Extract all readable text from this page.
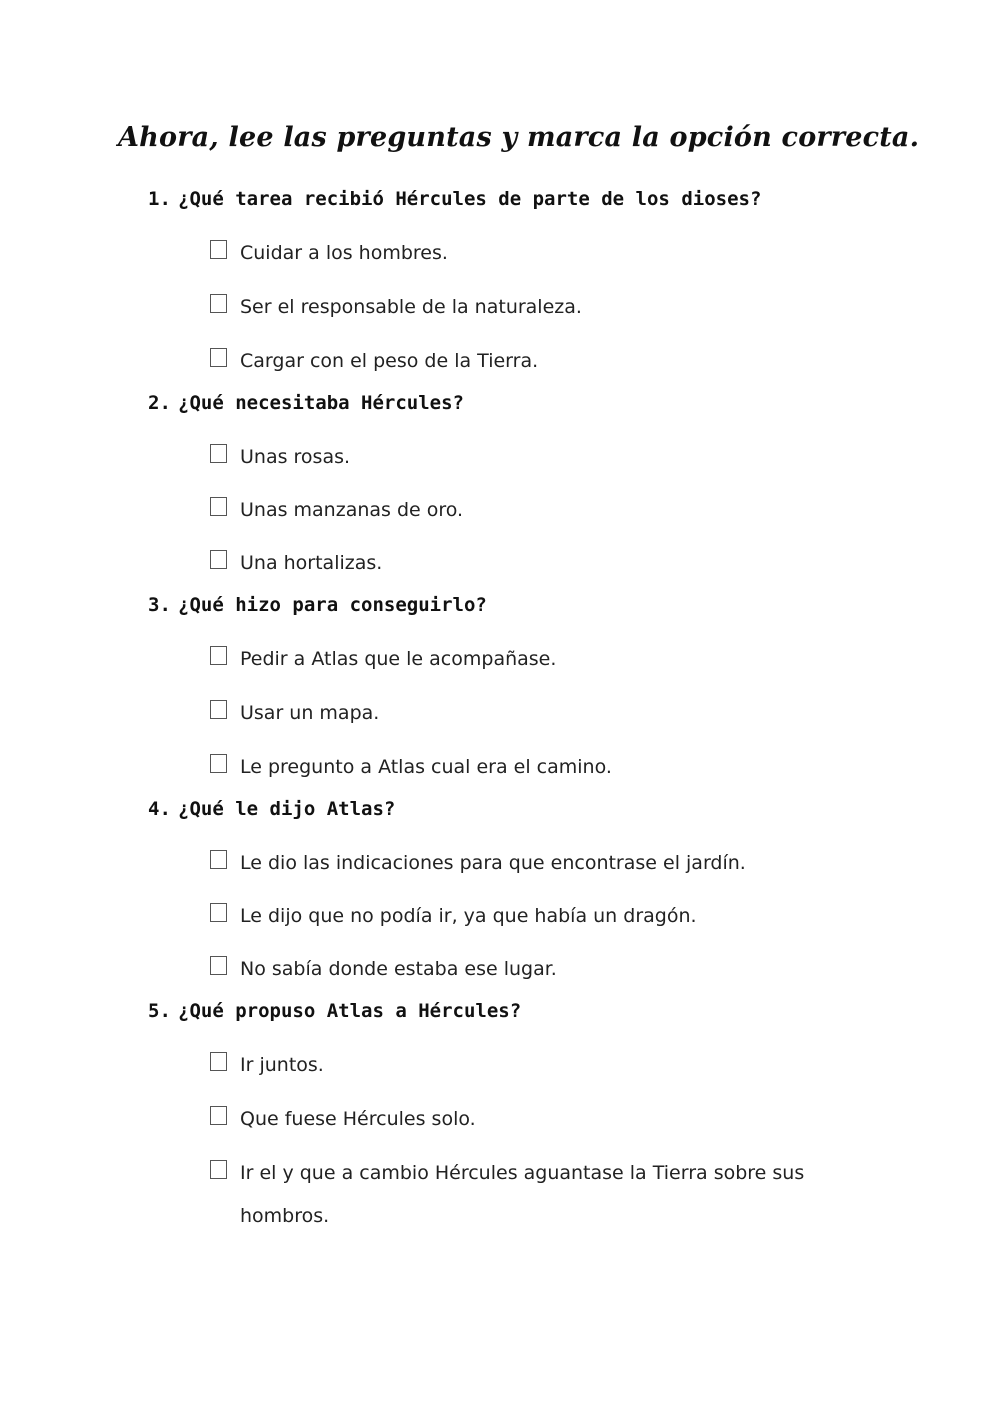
Ahora, lee las preguntas y marca la opción correcta.
1. ¿Qué tarea recibió Hércules de parte de los dioses?
Cuidar a los hombres.
Ser el responsable de la naturaleza.
Cargar con el peso de la Tierra.
2. ¿Qué necesitaba Hércules?
Unas rosas.
Unas manzanas de oro.
Una hortalizas.
3. ¿Qué hizo para conseguirlo?
Pedir a Atlas que le acompañase.
Usar un mapa.
Le pregunto a Atlas cual era el camino.
4. ¿Qué le dijo Atlas?
Le dio las indicaciones para que encontrase el jardín.
Le dijo que no podía ir, ya que había un dragón.
No sabía donde estaba ese lugar.
5. ¿Qué propuso Atlas a Hércules?
Ir juntos.
Que fuese Hércules solo.
Ir el y que a cambio Hércules aguantase la Tierra sobre sus hombros.
